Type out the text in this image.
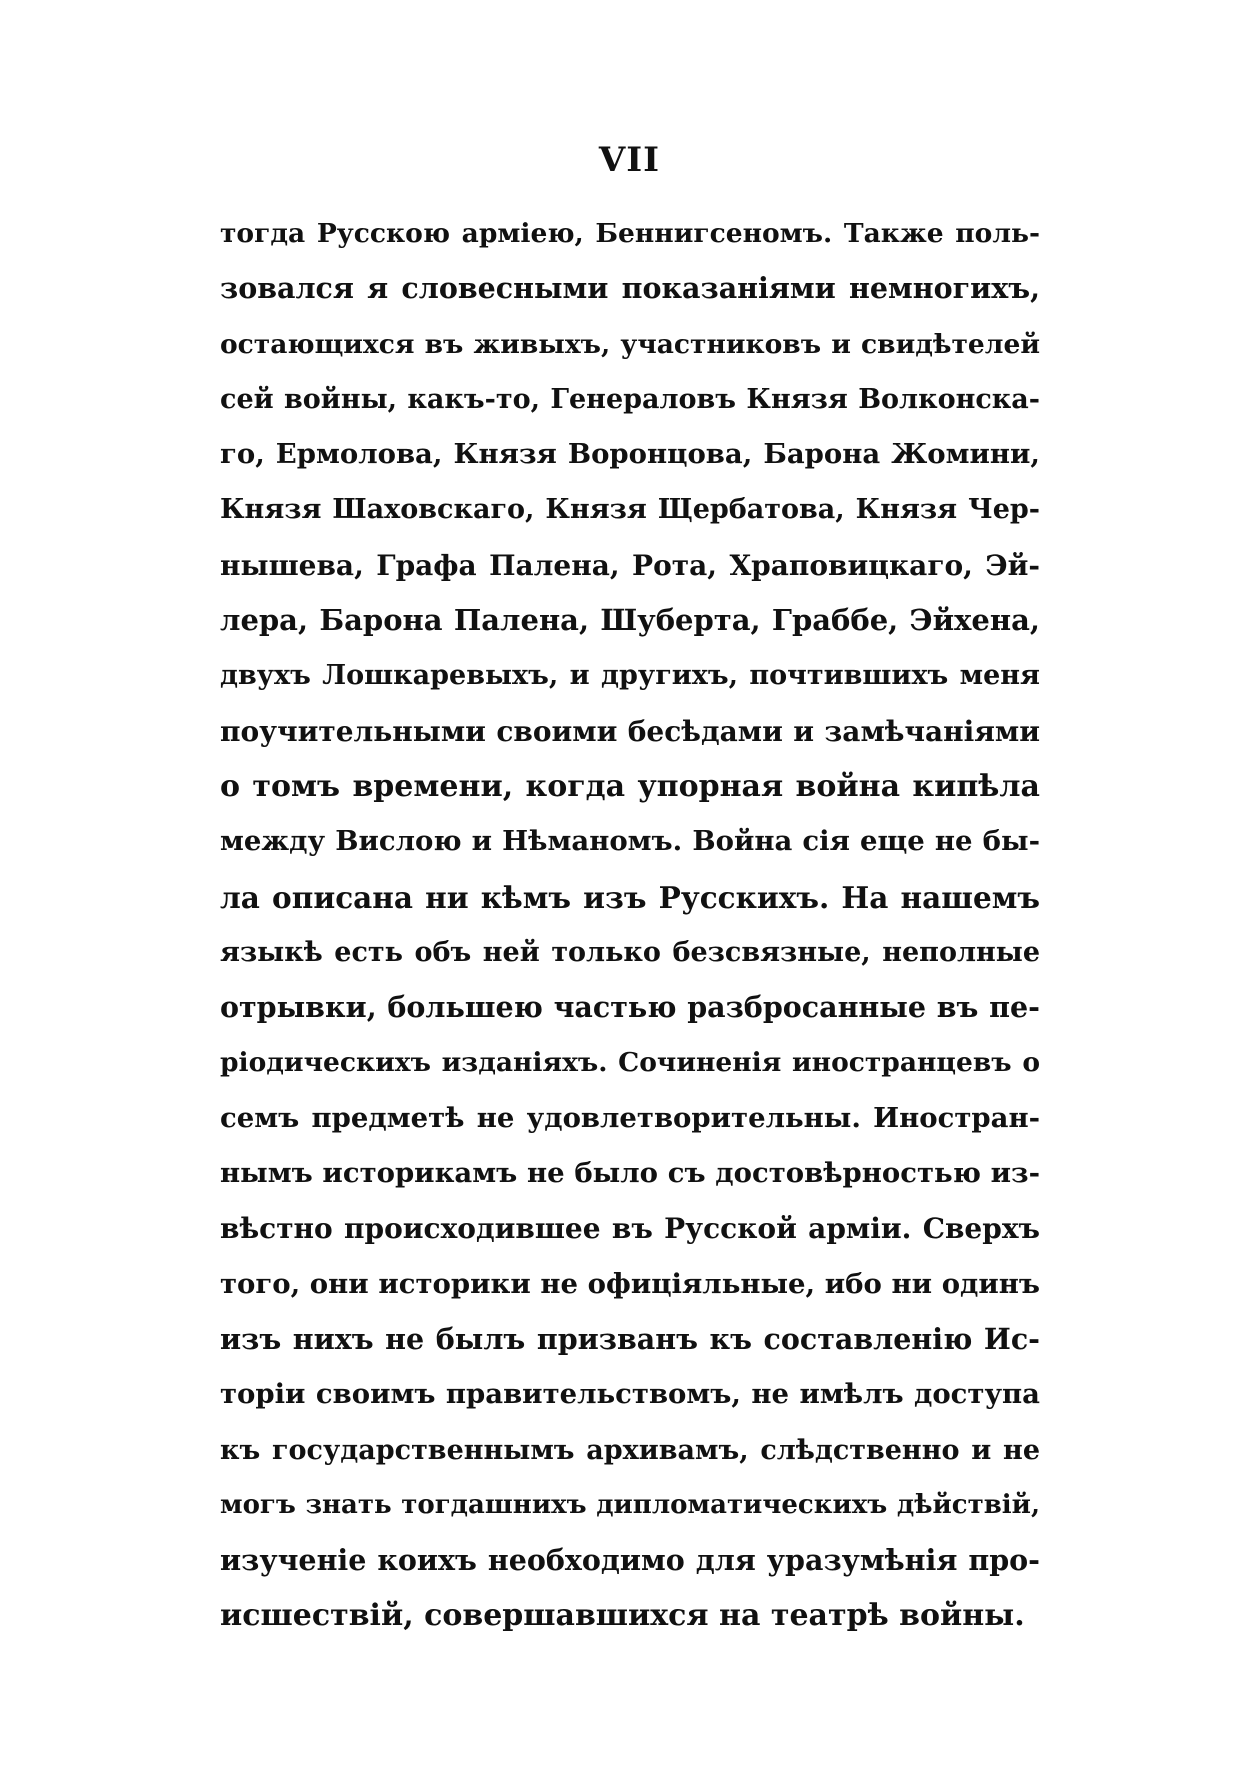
VII
тогда Русскою арміею, Беннигсеномъ. Также поль-
зовался я словесными показаніями немногихъ,
остающихся въ живыхъ, участниковъ и свидѣтелей
сей войны, какъ-то, Генераловъ Князя Волконска-
го, Ермолова, Князя Воронцова, Барона Жомини,
Князя Шаховскаго, Князя Щербатова, Князя Чер-
нышева, Графа Палена, Рота, Храповицкаго, Эй-
лера, Барона Палена, Шуберта, Граббе, Эйхена,
двухъ Лошкаревыхъ, и другихъ, почтившихъ меня
поучительными своими бесѣдами и замѣчаніями
о томъ времени, когда упорная война кипѣла
между Вислою и Нѣманомъ. Война сія еще не бы-
ла описана ни кѣмъ изъ Русскихъ. На нашемъ
языкѣ есть объ ней только безсвязные, неполные
отрывки, большею частью разбросанные въ пе-
ріодическихъ изданіяхъ. Сочиненія иностранцевъ о
семъ предметѣ не удовлетворительны. Иностран-
нымъ историкамъ не было съ достовѣрностью из-
вѣстно происходившее въ Русской арміи. Сверхъ
того, они историки не офиціяльные, ибо ни одинъ
изъ нихъ не былъ призванъ къ составленію Ис-
торіи своимъ правительствомъ, не имѣлъ доступа
къ государственнымъ архивамъ, слѣдственно и не
могъ знать тогдашнихъ дипломатическихъ дѣйствій,
изученіе коихъ необходимо для уразумѣнія про-
исшествій, совершавшихся на театрѣ войны.
